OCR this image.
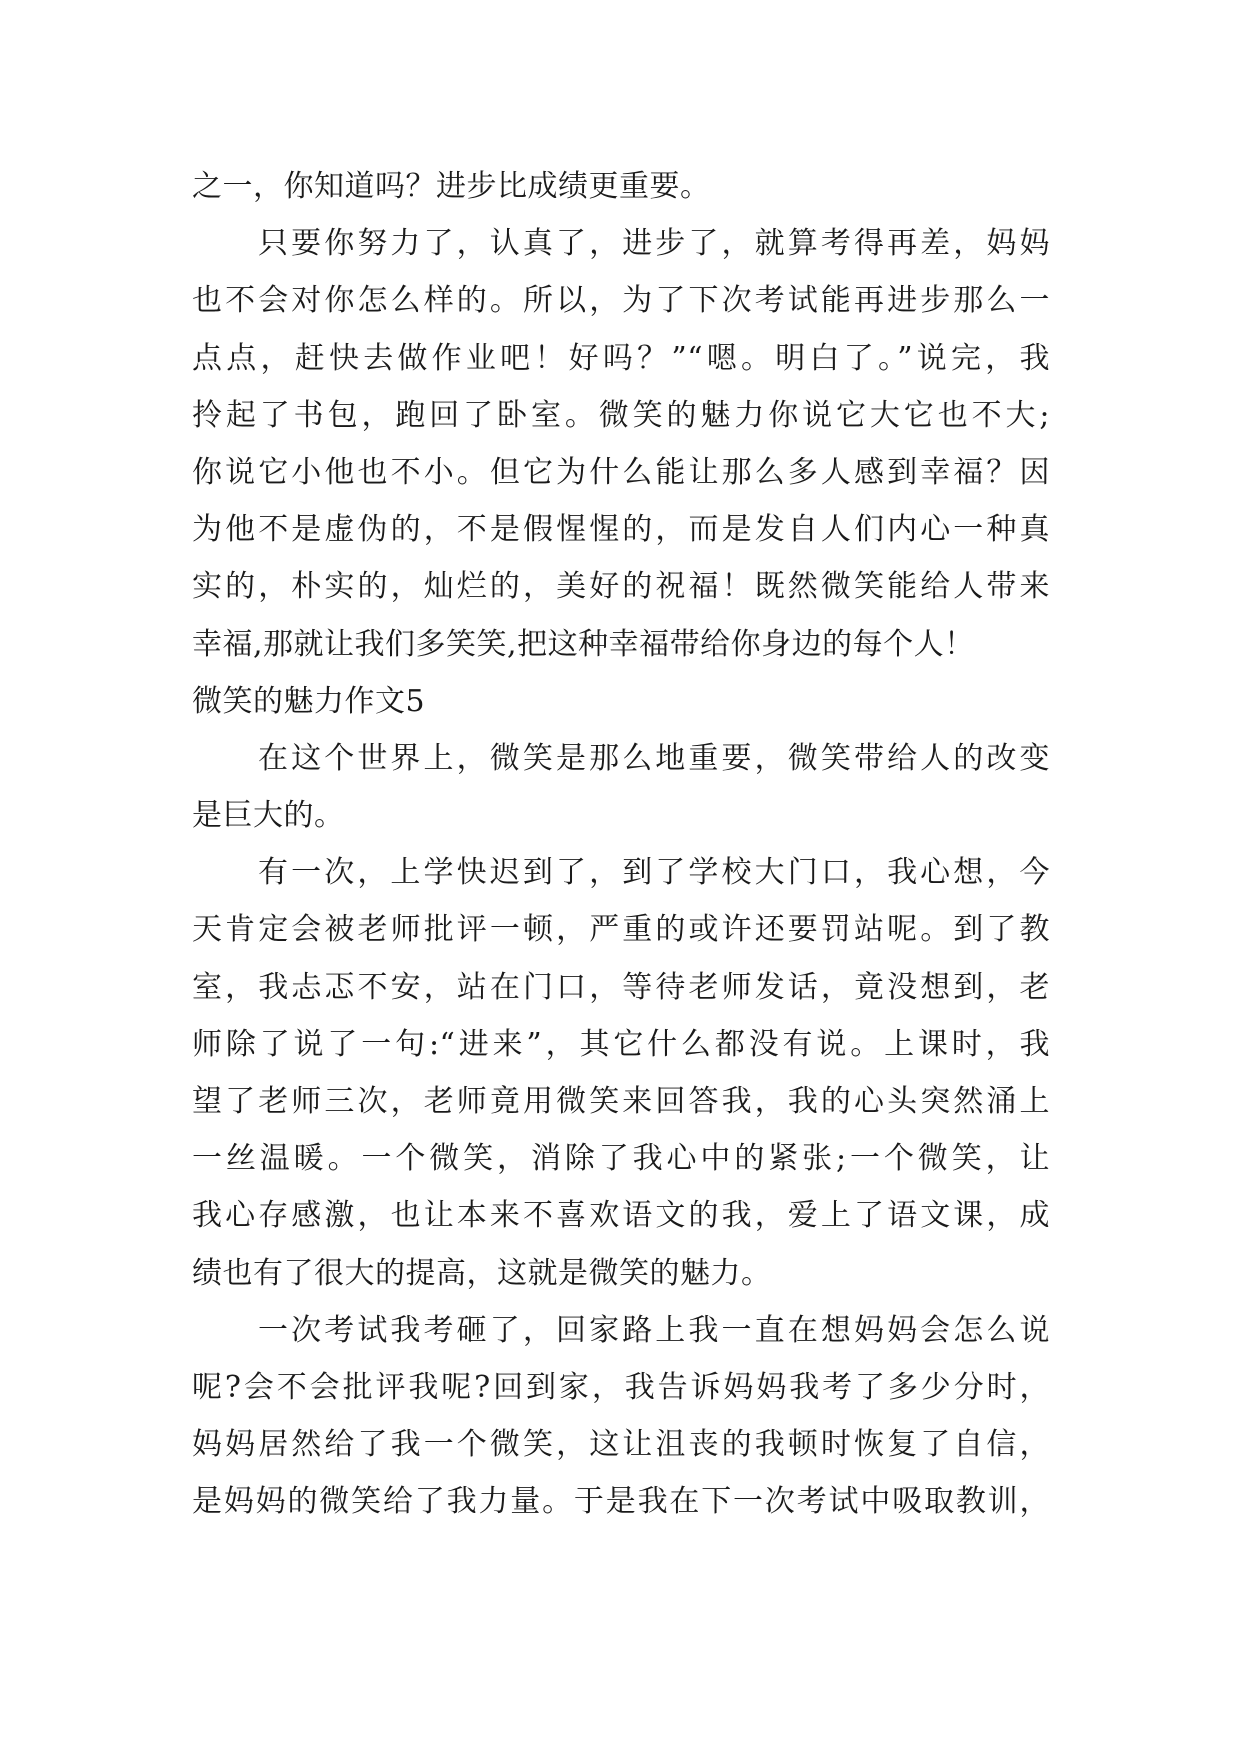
之一，你知道吗？进步比成绩更重要。
只要你努力了，认真了，进步了，就算考得再差，妈妈
也不会对你怎么样的。所以，为了下次考试能再进步那么一
点点，赶快去做作业吧！好吗？”“嗯。明白了。”说完，我
拎起了书包，跑回了卧室。微笑的魅力你说它大它也不大;
你说它小他也不小。但它为什么能让那么多人感到幸福？因
为他不是虚伪的，不是假惺惺的，而是发自人们内心一种真
实的，朴实的，灿烂的，美好的祝福！既然微笑能给人带来
幸福,那就让我们多笑笑,把这种幸福带给你身边的每个人！
微笑的魅力作文5
在这个世界上，微笑是那么地重要，微笑带给人的改变
是巨大的。
有一次，上学快迟到了，到了学校大门口，我心想，今
天肯定会被老师批评一顿，严重的或许还要罚站呢。到了教
室，我忐忑不安，站在门口，等待老师发话，竟没想到，老
师除了说了一句:“进来”，其它什么都没有说。上课时，我
望了老师三次，老师竟用微笑来回答我，我的心头突然涌上
一丝温暖。一个微笑，消除了我心中的紧张;一个微笑，让
我心存感激，也让本来不喜欢语文的我，爱上了语文课，成
绩也有了很大的提高，这就是微笑的魅力。
一次考试我考砸了，回家路上我一直在想妈妈会怎么说
呢?会不会批评我呢?回到家，我告诉妈妈我考了多少分时，
妈妈居然给了我一个微笑，这让沮丧的我顿时恢复了自信，
是妈妈的微笑给了我力量。于是我在下一次考试中吸取教训，
